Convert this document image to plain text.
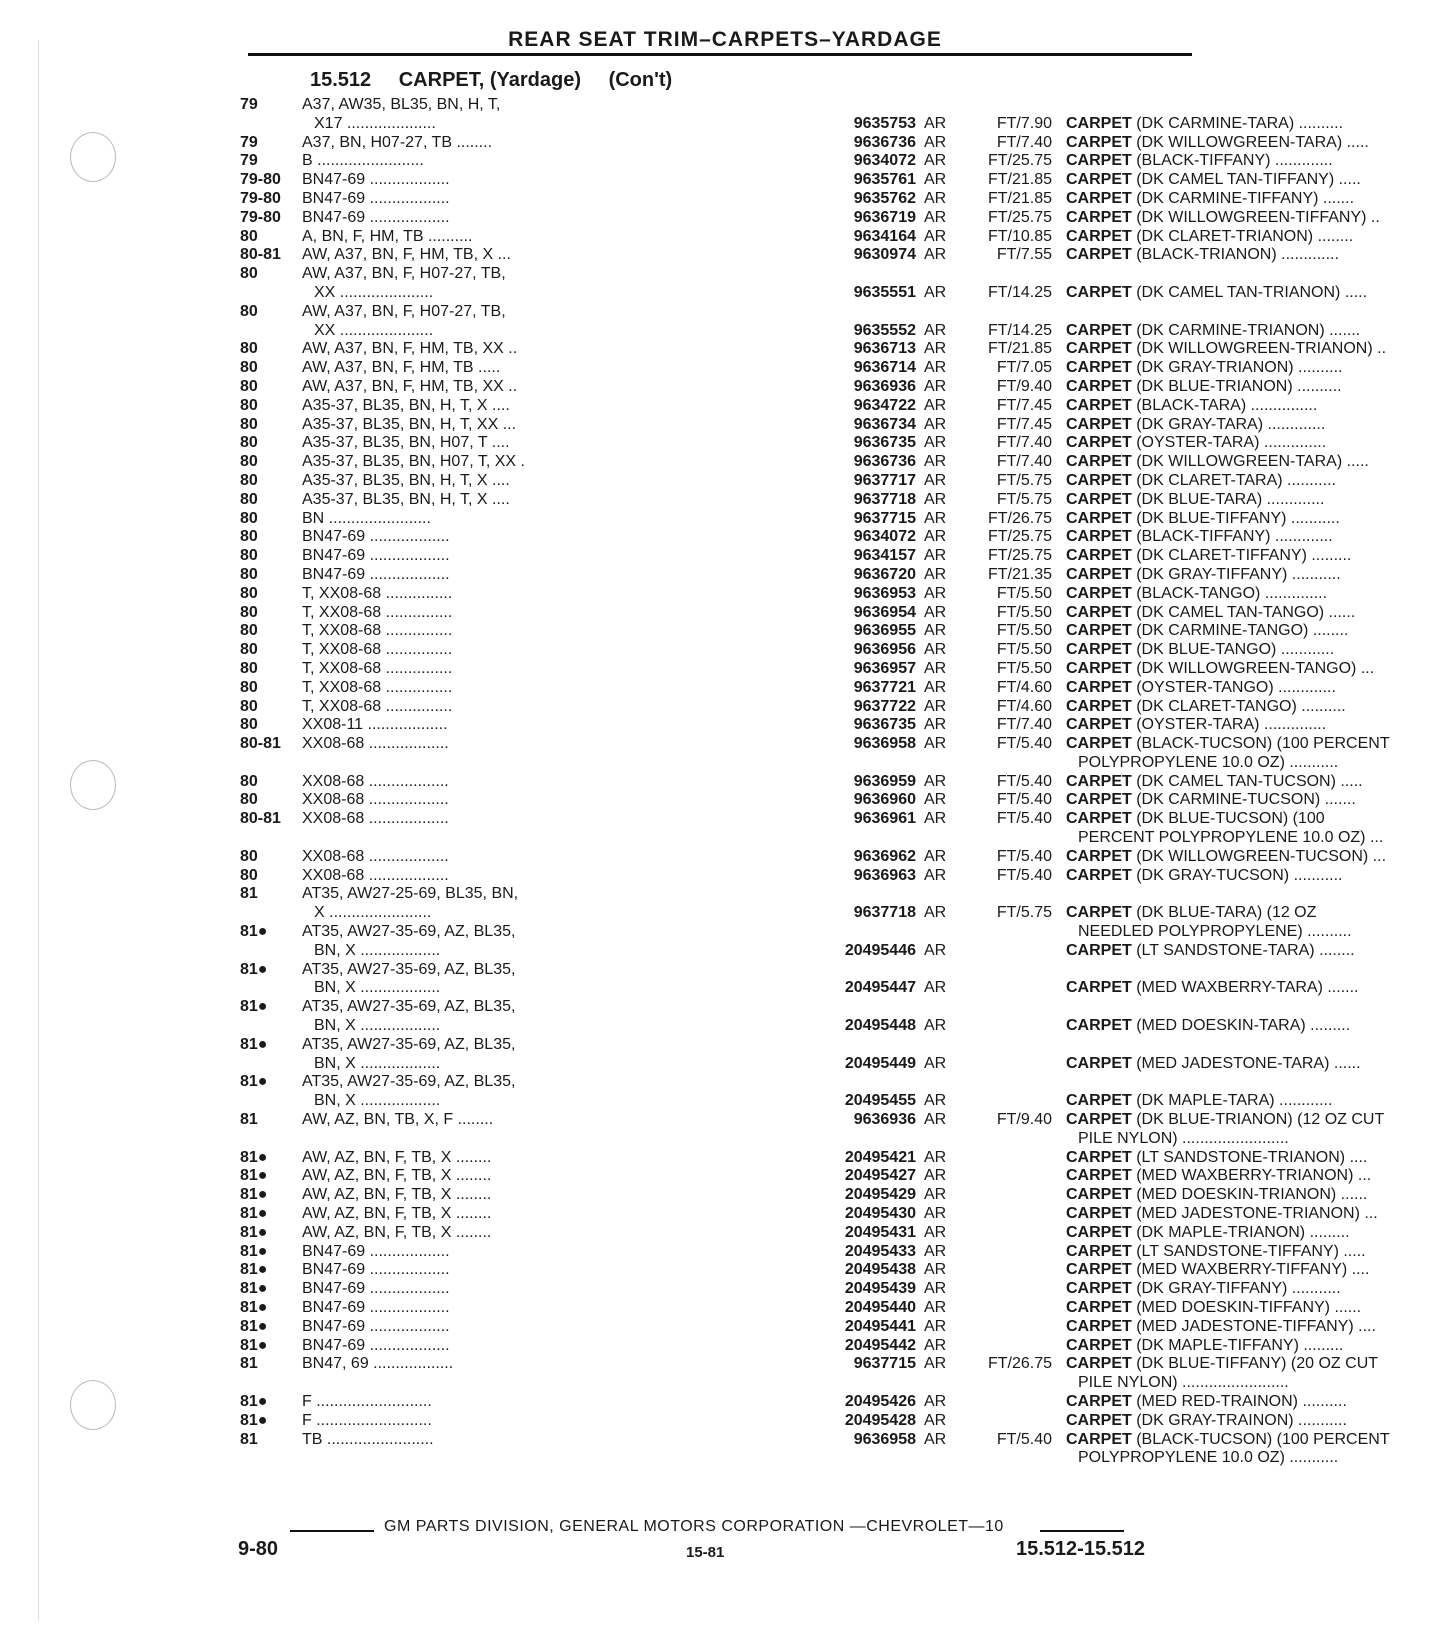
REAR SEAT TRIM–CARPETS–YARDAGE
15.512 CARPET, (Yardage) (Con't)
79	A37, AW35, BL35, BN, H, T,
X17 ....................	9635753 AR	FT/7.90 CARPET (DK CARMINE-TARA) ..........
79	A37, BN, H07-27, TB ........	9636736 AR	FT/7.40 CARPET (DK WILLOWGREEN-TARA) .....
79	B ........................	9634072 AR	FT/25.75 CARPET (BLACK-TIFFANY) .............
79-80	BN47-69 ..................	9635761 AR	FT/21.85 CARPET (DK CAMEL TAN-TIFFANY) .....
79-80	BN47-69 ..................	9635762 AR	FT/21.85 CARPET (DK CARMINE-TIFFANY) .......
79-80	BN47-69 ..................	9636719 AR	FT/25.75 CARPET (DK WILLOWGREEN-TIFFANY) ..
80	A, BN, F, HM, TB ..........	9634164 AR	FT/10.85 CARPET (DK CLARET-TRIANON) ........
80-81	AW, A37, BN, F, HM, TB, X ...	9630974 AR	FT/7.55 CARPET (BLACK-TRIANON) .............
80	AW, A37, BN, F, H07-27, TB,
XX .....................	9635551 AR	FT/14.25 CARPET (DK CAMEL TAN-TRIANON) .....
80	AW, A37, BN, F, H07-27, TB,
XX .....................	9635552 AR	FT/14.25 CARPET (DK CARMINE-TRIANON) .......
80	AW, A37, BN, F, HM, TB, XX ..	9636713 AR	FT/21.85 CARPET (DK WILLOWGREEN-TRIANON) ..
80	AW, A37, BN, F, HM, TB .....	9636714 AR	FT/7.05 CARPET (DK GRAY-TRIANON) ..........
80	AW, A37, BN, F, HM, TB, XX ..	9636936 AR	FT/9.40 CARPET (DK BLUE-TRIANON) ..........
80	A35-37, BL35, BN, H, T, X ....	9634722 AR	FT/7.45 CARPET (BLACK-TARA) ...............
80	A35-37, BL35, BN, H, T, XX ...	9636734 AR	FT/7.45 CARPET (DK GRAY-TARA) .............
80	A35-37, BL35, BN, H07, T ....	9636735 AR	FT/7.40 CARPET (OYSTER-TARA) ..............
80	A35-37, BL35, BN, H07, T, XX .	9636736 AR	FT/7.40 CARPET (DK WILLOWGREEN-TARA) .....
80	A35-37, BL35, BN, H, T, X ....	9637717 AR	FT/5.75 CARPET (DK CLARET-TARA) ...........
80	A35-37, BL35, BN, H, T, X ....	9637718 AR	FT/5.75 CARPET (DK BLUE-TARA) .............
80	BN .......................	9637715 AR	FT/26.75 CARPET (DK BLUE-TIFFANY) ...........
80	BN47-69 ..................	9634072 AR	FT/25.75 CARPET (BLACK-TIFFANY) .............
80	BN47-69 ..................	9634157 AR	FT/25.75 CARPET (DK CLARET-TIFFANY) .........
80	BN47-69 ..................	9636720 AR	FT/21.35 CARPET (DK GRAY-TIFFANY) ...........
80	T, XX08-68 ...............	9636953 AR	FT/5.50 CARPET (BLACK-TANGO) ..............
80	T, XX08-68 ...............	9636954 AR	FT/5.50 CARPET (DK CAMEL TAN-TANGO) ......
80	T, XX08-68 ...............	9636955 AR	FT/5.50 CARPET (DK CARMINE-TANGO) ........
80	T, XX08-68 ...............	9636956 AR	FT/5.50 CARPET (DK BLUE-TANGO) ............
80	T, XX08-68 ...............	9636957 AR	FT/5.50 CARPET (DK WILLOWGREEN-TANGO) ...
80	T, XX08-68 ...............	9637721 AR	FT/4.60 CARPET (OYSTER-TANGO) .............
80	T, XX08-68 ...............	9637722 AR	FT/4.60 CARPET (DK CLARET-TANGO) ..........
80	XX08-11 ..................	9636735 AR	FT/7.40 CARPET (OYSTER-TARA) ..............
80-81	XX08-68 ..................	9636958 AR	FT/5.40 CARPET (BLACK-TUCSON) (100 PERCENT
POLYPROPYLENE 10.0 OZ) ...........
80	XX08-68 ..................	9636959 AR	FT/5.40 CARPET (DK CAMEL TAN-TUCSON) .....
80	XX08-68 ..................	9636960 AR	FT/5.40 CARPET (DK CARMINE-TUCSON) .......
80-81	XX08-68 ..................	9636961 AR	FT/5.40 CARPET (DK BLUE-TUCSON) (100
PERCENT POLYPROPYLENE 10.0 OZ) ...
80	XX08-68 ..................	9636962 AR	FT/5.40 CARPET (DK WILLOWGREEN-TUCSON) ...
80	XX08-68 ..................	9636963 AR	FT/5.40 CARPET (DK GRAY-TUCSON) ...........
81	AT35, AW27-25-69, BL35, BN,
X .......................	9637718 AR	FT/5.75 CARPET (DK BLUE-TARA) (12 OZ
NEEDLED POLYPROPYLENE) ..........
81●	AT35, AW27-35-69, AZ, BL35,
BN, X ..................	20495446 AR	CARPET (LT SANDSTONE-TARA) ........
81●	AT35, AW27-35-69, AZ, BL35,
BN, X ..................	20495447 AR	CARPET (MED WAXBERRY-TARA) .......
81●	AT35, AW27-35-69, AZ, BL35,
BN, X ..................	20495448 AR	CARPET (MED DOESKIN-TARA) .........
81●	AT35, AW27-35-69, AZ, BL35,
BN, X ..................	20495449 AR	CARPET (MED JADESTONE-TARA) ......
81●	AT35, AW27-35-69, AZ, BL35,
BN, X ..................	20495455 AR	CARPET (DK MAPLE-TARA) ............
81	AW, AZ, BN, TB, X, F ........	9636936 AR	FT/9.40 CARPET (DK BLUE-TRIANON) (12 OZ CUT
PILE NYLON) ........................
81●	AW, AZ, BN, F, TB, X ........	20495421 AR	CARPET (LT SANDSTONE-TRIANON) ....
81●	AW, AZ, BN, F, TB, X ........	20495427 AR	CARPET (MED WAXBERRY-TRIANON) ...
81●	AW, AZ, BN, F, TB, X ........	20495429 AR	CARPET (MED DOESKIN-TRIANON) ......
81●	AW, AZ, BN, F, TB, X ........	20495430 AR	CARPET (MED JADESTONE-TRIANON) ...
81●	AW, AZ, BN, F, TB, X ........	20495431 AR	CARPET (DK MAPLE-TRIANON) .........
81●	BN47-69 ..................	20495433 AR	CARPET (LT SANDSTONE-TIFFANY) .....
81●	BN47-69 ..................	20495438 AR	CARPET (MED WAXBERRY-TIFFANY) ....
81●	BN47-69 ..................	20495439 AR	CARPET (DK GRAY-TIFFANY) ...........
81●	BN47-69 ..................	20495440 AR	CARPET (MED DOESKIN-TIFFANY) ......
81●	BN47-69 ..................	20495441 AR	CARPET (MED JADESTONE-TIFFANY) ....
81●	BN47-69 ..................	20495442 AR	CARPET (DK MAPLE-TIFFANY) .........
81	BN47, 69 ..................	9637715 AR	FT/26.75 CARPET (DK BLUE-TIFFANY) (20 OZ CUT
PILE NYLON) ........................
81●	F ..........................	20495426 AR	CARPET (MED RED-TRAINON) ..........
81●	F ..........................	20495428 AR	CARPET (DK GRAY-TRAINON) ...........
81	TB ........................	9636958 AR	FT/5.40 CARPET (BLACK-TUCSON) (100 PERCENT
POLYPROPYLENE 10.0 OZ) ...........
GM PARTS DIVISION, GENERAL MOTORS CORPORATION —CHEVROLET—10
9-80	15-81	15.512-15.512
